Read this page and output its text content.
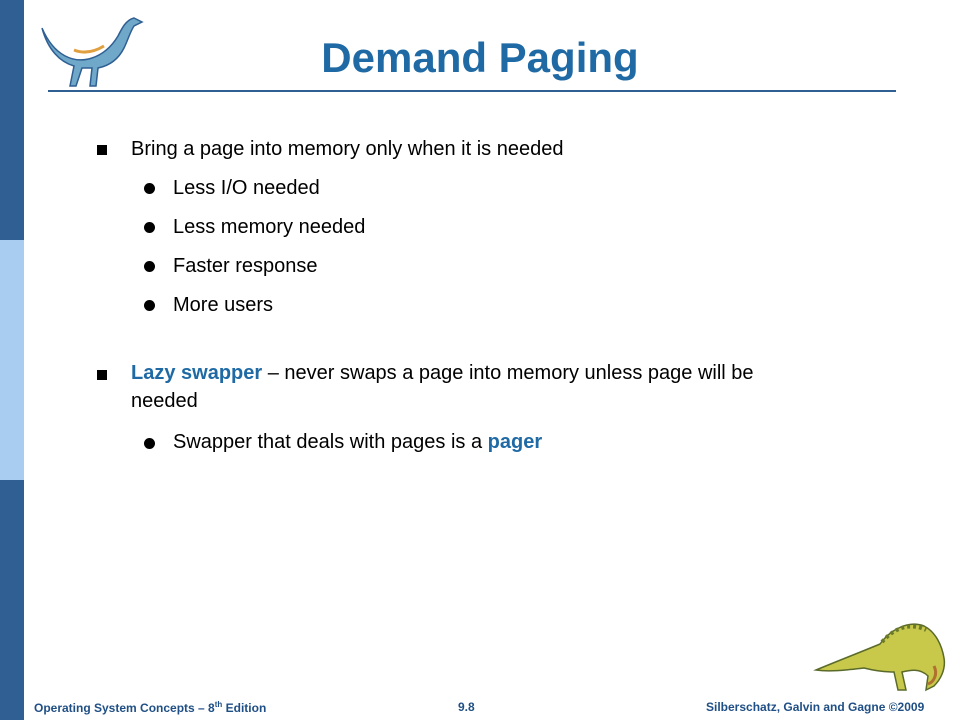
Demand Paging
Bring a page into memory only when it is needed
Less I/O needed
Less memory needed
Faster response
More users
Lazy swapper – never swaps a page into memory unless page will be
needed
Swapper that deals with pages is a pager
Operating System Concepts – 8th Edition	9.8	Silberschatz, Galvin and Gagne ©2009
